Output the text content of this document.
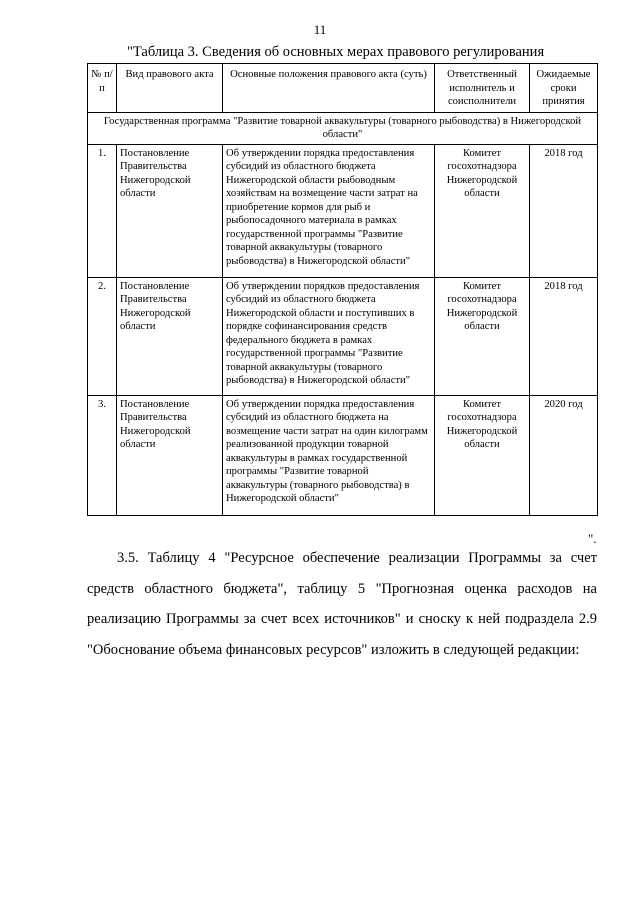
11
"Таблица 3. Сведения об основных мерах правового регулирования
№ п/п	Вид правового акта	Основные положения правового акта (суть)	Ответственный исполнитель и соисполнители	Ожидаемые сроки принятия
Государственная программа "Развитие товарной аквакультуры (товарного рыбоводства) в Нижегородской области"				
1.	Постановление Правительства Нижегородской области	Об утверждении порядка предоставления субсидий из областного бюджета Нижегородской области рыбоводным хозяйствам на возмещение части затрат на приобретение кормов для рыб и рыбопосадочного материала в рамках государственной программы "Развитие товарной аквакультуры (товарного рыбоводства) в Нижегородской области"	Комитет госохотнадзора Нижегородской области	2018 год
2.	Постановление Правительства Нижегородской области	Об утверждении порядков предоставления субсидий из областного бюджета Нижегородской области и поступивших в порядке софинансирования средств федерального бюджета в рамках государственной программы "Развитие товарной аквакультуры (товарного рыбоводства) в Нижегородской области"	Комитет госохотнадзора Нижегородской области	2018 год
3.	Постановление Правительства Нижегородской области	Об утверждении порядка предоставления субсидий из областного бюджета на возмещение части затрат на один килограмм реализованной продукции товарной аквакультуры в рамках государственной программы "Развитие товарной аквакультуры (товарного рыбоводства) в Нижегородской области"	Комитет госохотнадзора Нижегородской области	2020 год
".

3.5. Таблицу 4 "Ресурсное обеспечение реализации Программы за счет средств областного бюджета", таблицу 5 "Прогнозная оценка расходов на реализацию Программы за счет всех источников" и сноску к ней подраздела 2.9 "Обоснование объема финансовых ресурсов" изложить в следующей редакции:
